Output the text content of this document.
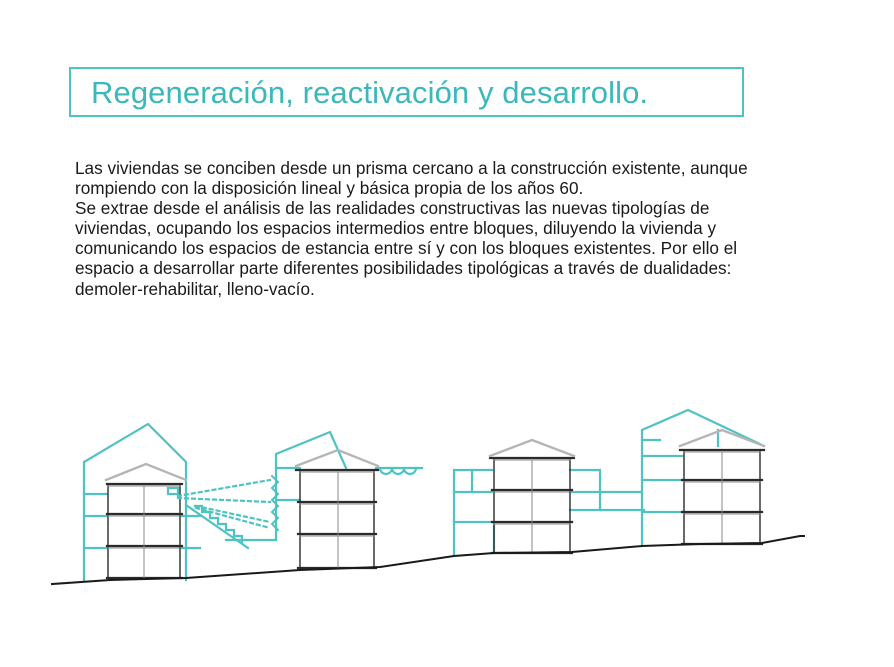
Regeneración, reactivación y desarrollo.

Las viviendas se conciben desde un prisma cercano a la construcción existente, aunque rompiendo con la disposición lineal y básica propia de los años 60.

Se extrae desde el análisis de las realidades constructivas las nuevas tipologías de viviendas, ocupando los espacios intermedios entre bloques, diluyendo la vivienda y comunicando los espacios de estancia entre sí y con los bloques existentes. Por ello el espacio a desarrollar parte diferentes posibilidades tipológicas a través de dualidades: demoler-rehabilitar, lleno-vacío.
